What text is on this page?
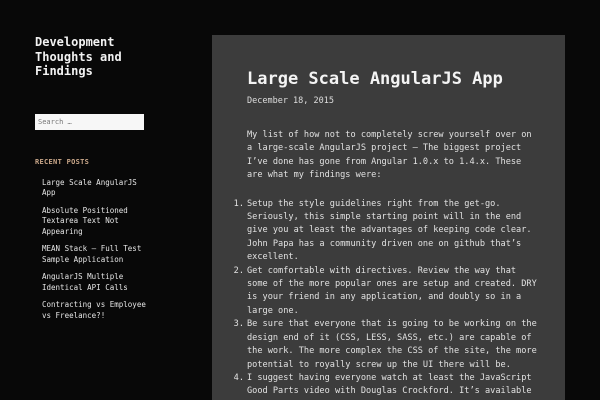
Development Thoughts and Findings
Search …
RECENT POSTS
Large Scale AngularJS App
Absolute Positioned Textarea Text Not Appearing
MEAN Stack – Full Test Sample Application
AngularJS Multiple Identical API Calls
Contracting vs Employee vs Freelance?!
Large Scale AngularJS App
December 18, 2015

My list of how not to completely screw yourself over on a large-scale AngularJS project – The biggest project I’ve done has gone from Angular 1.0.x to 1.4.x. These are what my findings were:

1. Setup the style guidelines right from the get-go. Seriously, this simple starting point will in the end give you at least the advantages of keeping code clear. John Papa has a community driven one on github that’s excellent.
2. Get comfortable with directives. Review the way that some of the more popular ones are setup and created. DRY is your friend in any application, and doubly so in a large one.
3. Be sure that everyone that is going to be working on the design end of it (CSS, LESS, SASS, etc.) are capable of the work. The more complex the CSS of the site, the more potential to royally screw up the UI there will be.
4. I suggest having everyone watch at least the JavaScript Good Parts video with Douglas Crockford. It’s available
